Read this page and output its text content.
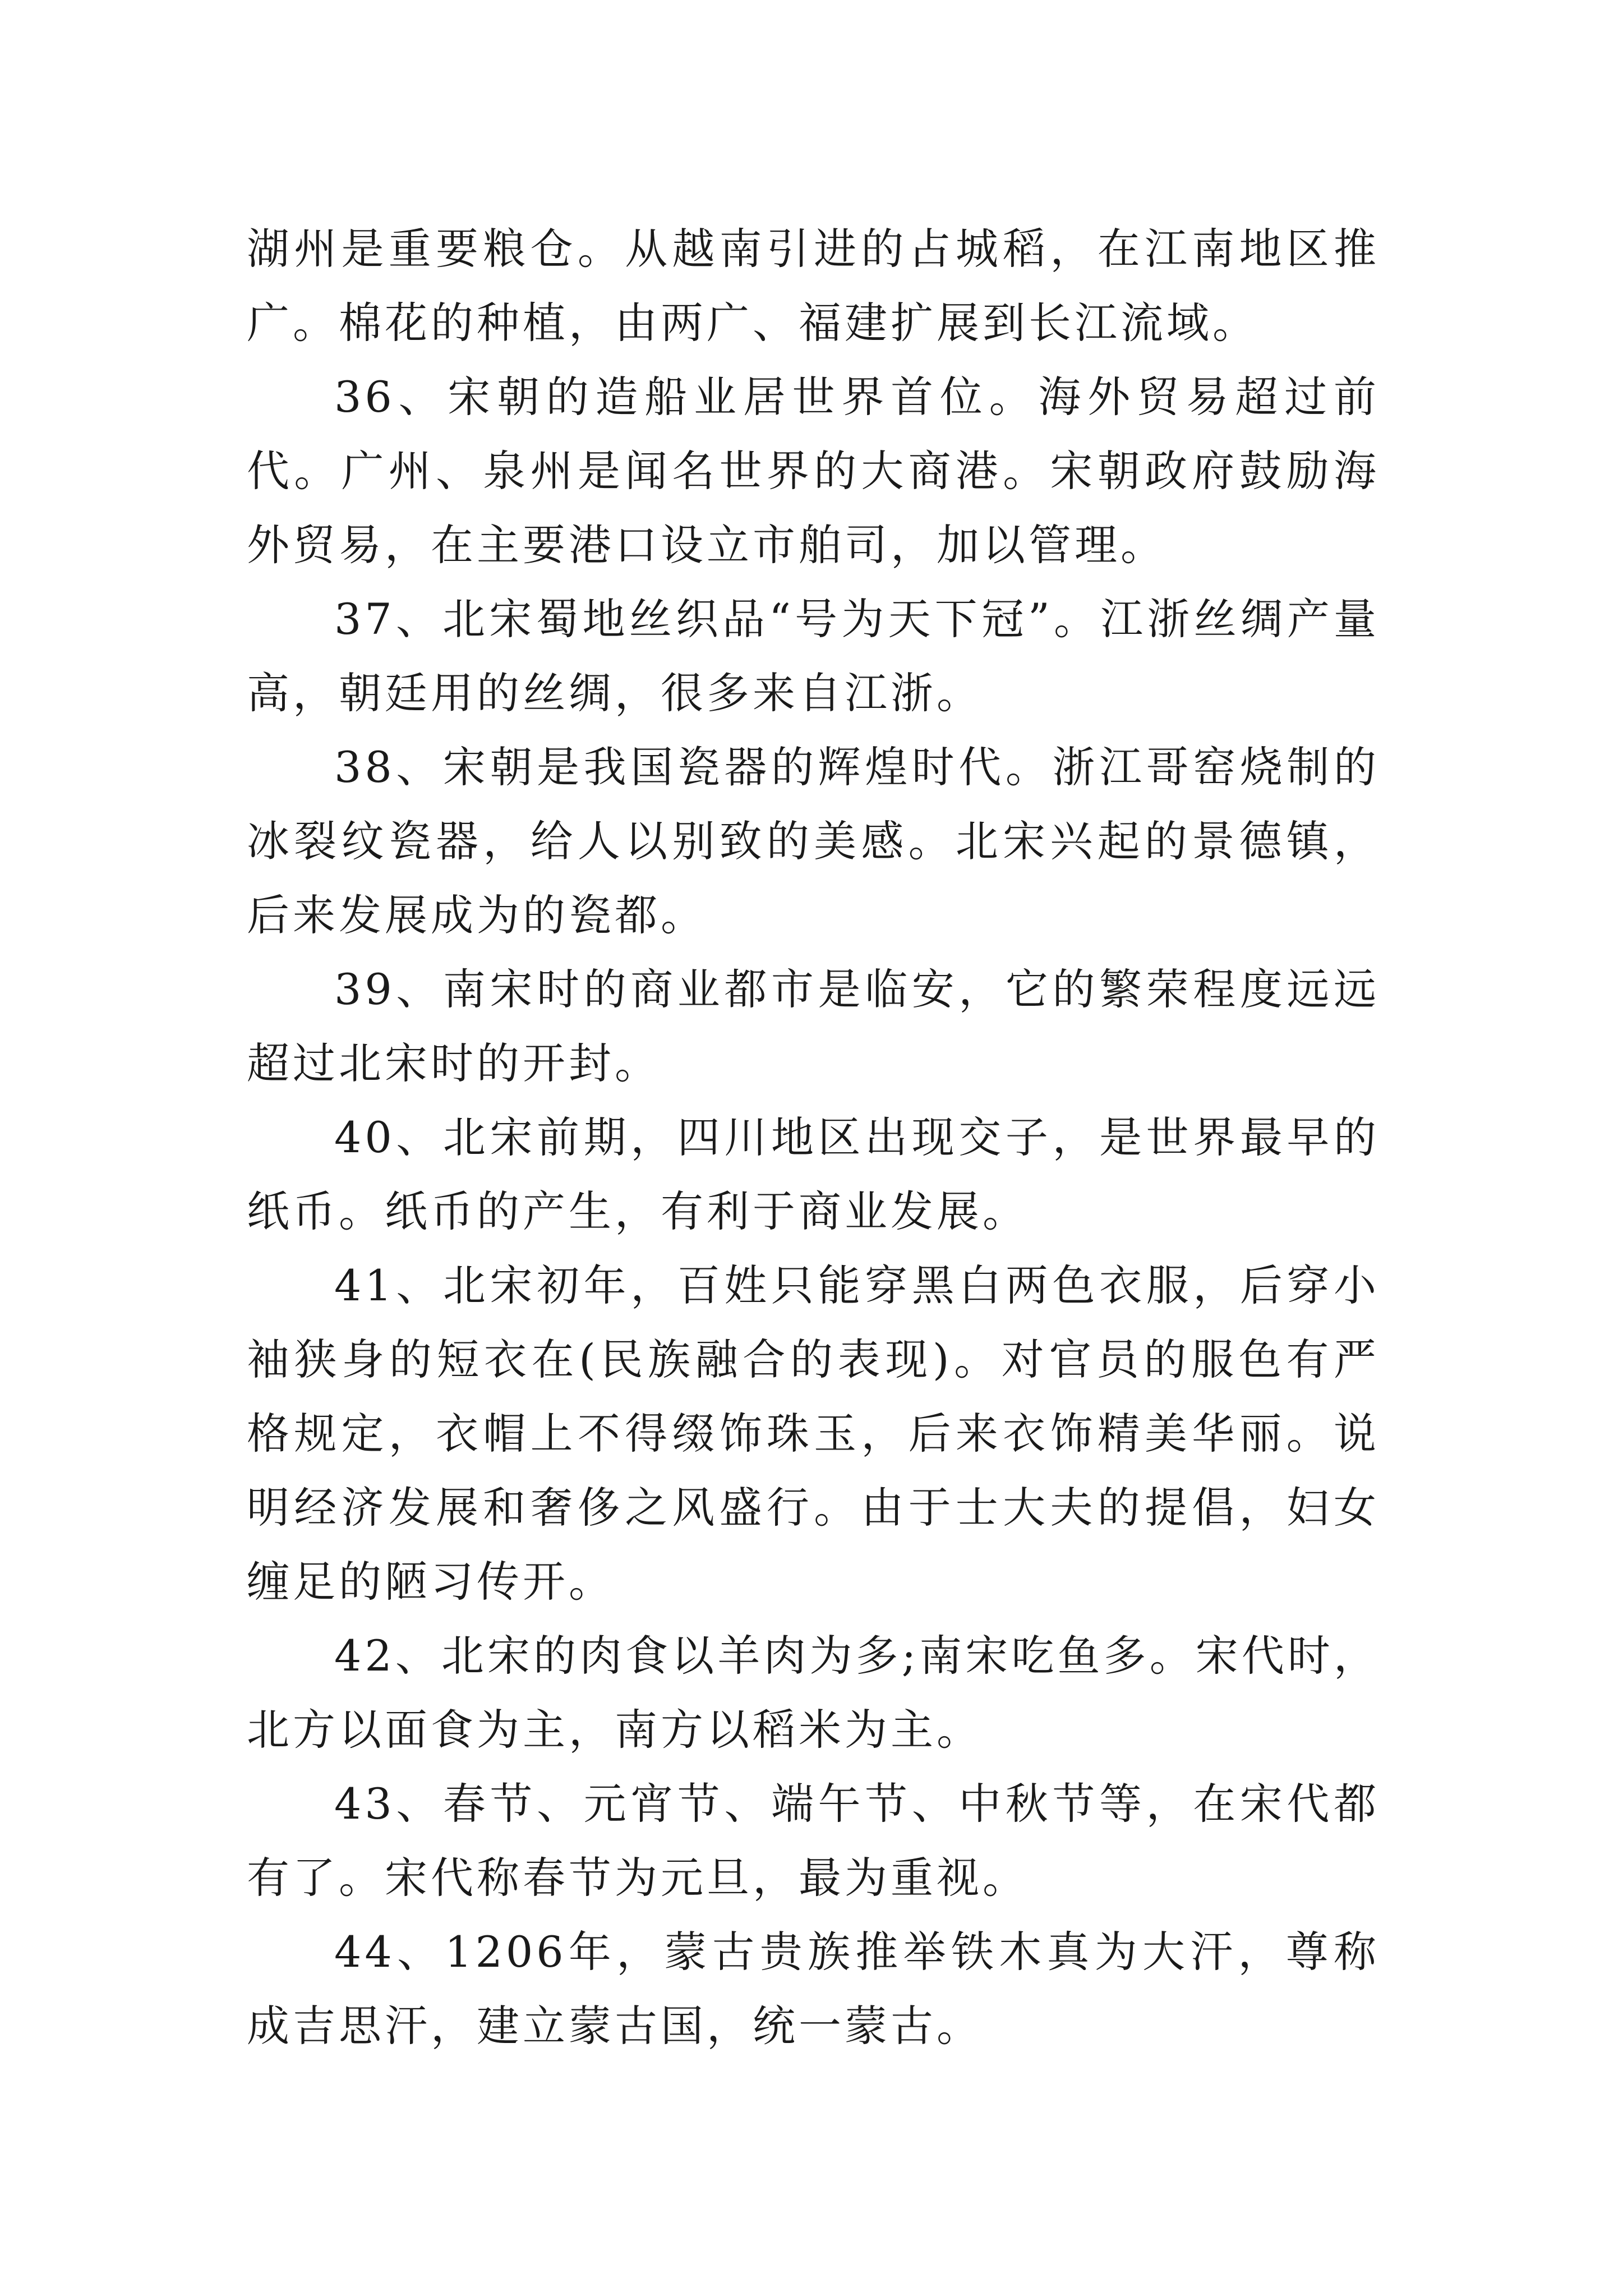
湖州是重要粮仓。从越南引进的占城稻，在江南地区推广。棉花的种植，由两广、福建扩展到长江流域。

36、宋朝的造船业居世界首位。海外贸易超过前代。广州、泉州是闻名世界的大商港。宋朝政府鼓励海外贸易，在主要港口设立市舶司，加以管理。

37、北宋蜀地丝织品“号为天下冠”。江浙丝绸产量高，朝廷用的丝绸，很多来自江浙。

38、宋朝是我国瓷器的辉煌时代。浙江哥窑烧制的冰裂纹瓷器，给人以别致的美感。北宋兴起的景德镇，后来发展成为的瓷都。

39、南宋时的商业都市是临安，它的繁荣程度远远超过北宋时的开封。

40、北宋前期，四川地区出现交子，是世界最早的纸币。纸币的产生，有利于商业发展。

41、北宋初年，百姓只能穿黑白两色衣服，后穿小袖狭身的短衣在(民族融合的表现)。对官员的服色有严格规定，衣帽上不得缀饰珠玉，后来衣饰精美华丽。说明经济发展和奢侈之风盛行。由于士大夫的提倡，妇女缠足的陋习传开。

42、北宋的肉食以羊肉为多;南宋吃鱼多。宋代时，北方以面食为主，南方以稻米为主。

43、春节、元宵节、端午节、中秋节等，在宋代都有了。宋代称春节为元旦，最为重视。

44、1206年，蒙古贵族推举铁木真为大汗，尊称成吉思汗，建立蒙古国，统一蒙古。
